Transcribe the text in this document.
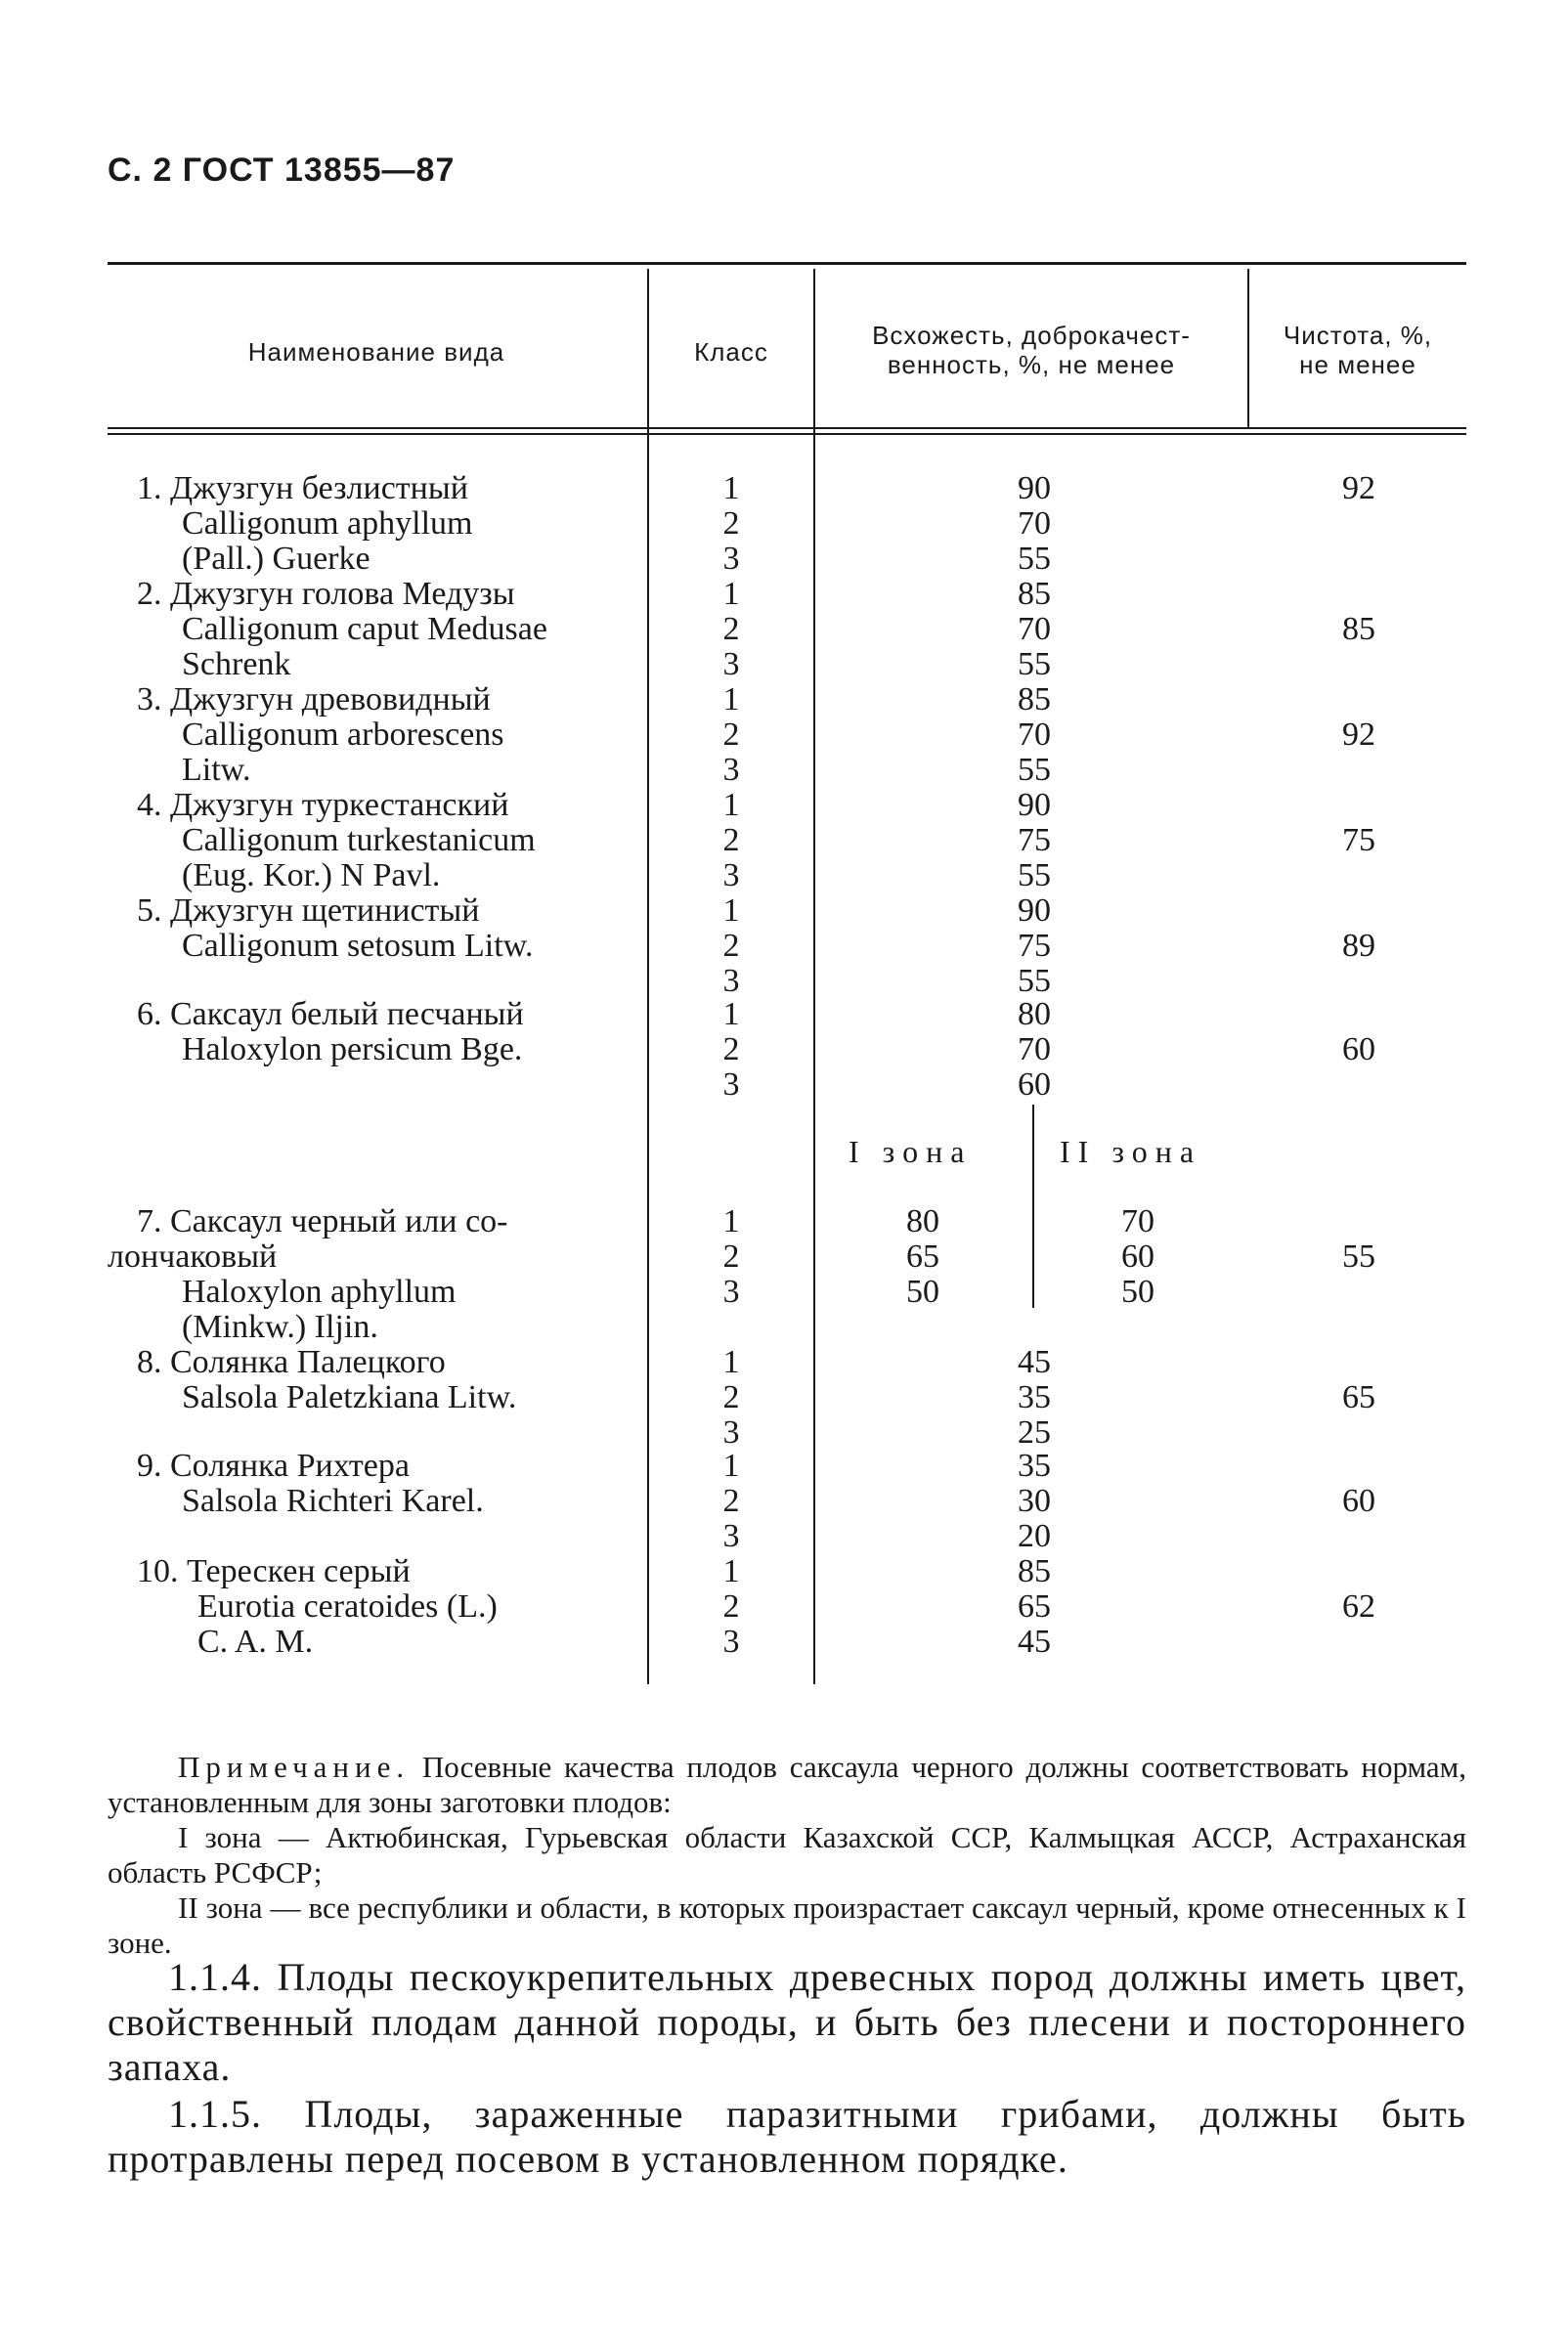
С. 2 ГОСТ 13855—87
Наименование вида	Класс
Всхожесть, доброкачест-
венность, %, не менее
Чистота, %,
не менее
1. Джузгун безлистный
Calligonum aphyllum
(Pall.) Guerke
1
2
3
90
70
55
92
2. Джузгун голова Медузы
Calligonum caput Medusae
Schrenk
1
2
3
85
70
55
85
3. Джузгун древовидный
Calligonum arborescens
Litw.
1
2
3
85
70
55
92
4. Джузгун туркестанский
Calligonum turkestanicum
(Eug. Kor.) N Pavl.
1
2
3
90
75
55
75
5. Джузгун щетинистый
Calligonum setosum Litw.
1
2
3
90
75
55
89
6. Саксаул белый песчаный
Haloxylon persicum Bge.
1
2
3
80
70
60
60
I зона	II зона
7. Саксаул черный или со-
лончаковый
Haloxylon aphyllum
(Minkw.) Iljin.
1
2
3
80
65
50
70
60
50
55
8. Солянка Палецкого
Salsola Paletzkiana Litw.
1
2
3
45
35
25
65
9. Солянка Рихтера
Salsola Richteri Karel.
1
2
3
35
30
20
60
10. Терескен серый
Eurotia ceratoides (L.)
C. A. M.
1
2
3
85
65
45
62

Примечание. Посевные качества плодов саксаула черного должны соответствовать нормам, установленным для зоны заготовки плодов:

I зона — Актюбинская, Гурьевская области Казахской ССР, Калмыцкая АССР, Астраханская область РСФСР;

II зона — все республики и области, в которых произрастает саксаул черный, кроме отнесенных к I зоне.

1.1.4. Плоды пескоукрепительных древесных пород должны иметь цвет, свойственный плодам данной породы, и быть без плесени и постороннего запаха.

1.1.5. Плоды, зараженные паразитными грибами, должны быть протравлены перед посевом в установленном порядке.
